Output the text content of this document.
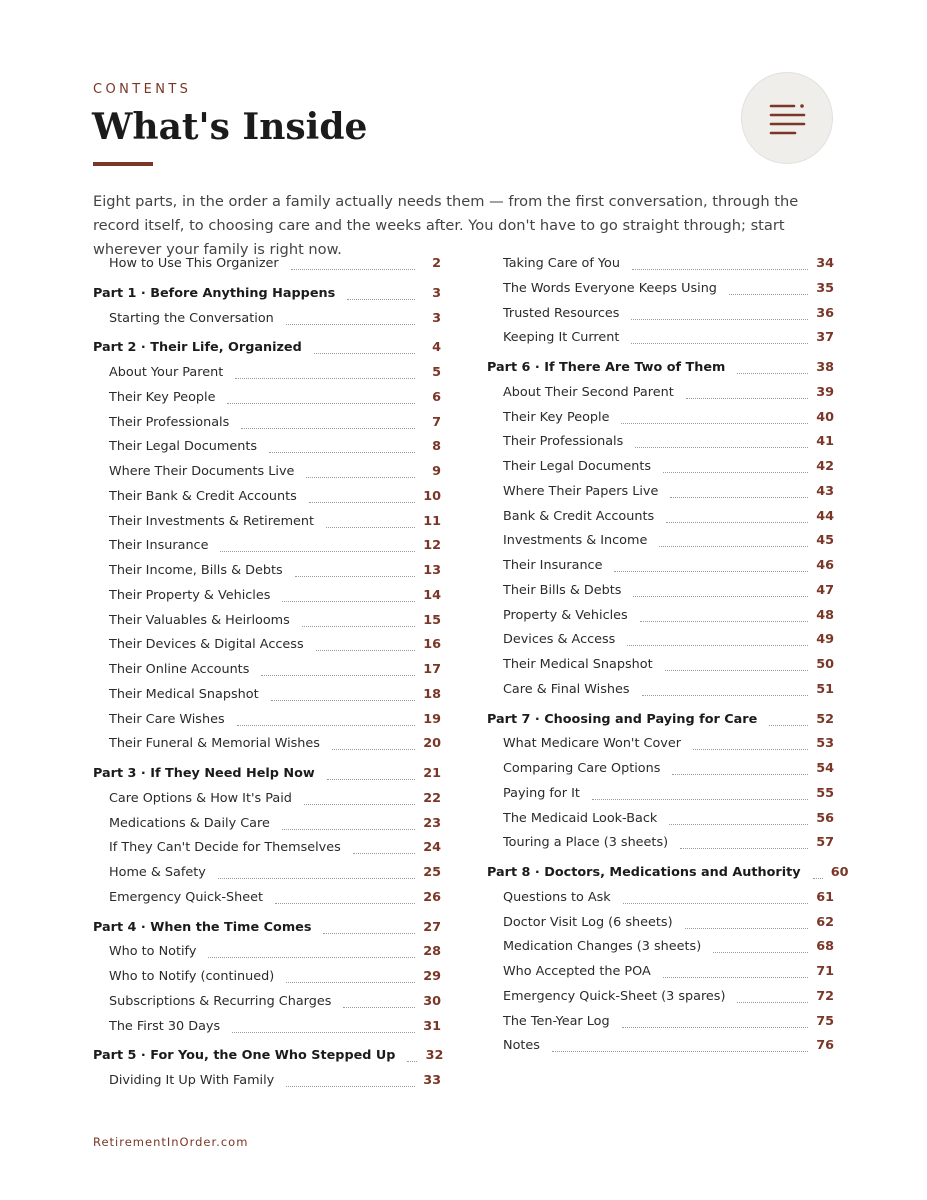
CONTENTS
What's Inside

Eight parts, in the order a family actually needs them — from the first conversation, through the record itself, to choosing care and the weeks after. You don't have to go straight through; start wherever your family is right now.

How to Use This Organizer	2
Part 1 · Before Anything Happens	3
Starting the Conversation	3
Part 2 · Their Life, Organized	4
About Your Parent	5
Their Key People	6
Their Professionals	7
Their Legal Documents	8
Where Their Documents Live	9
Their Bank & Credit Accounts	10
Their Investments & Retirement	11
Their Insurance	12
Their Income, Bills & Debts	13
Their Property & Vehicles	14
Their Valuables & Heirlooms	15
Their Devices & Digital Access	16
Their Online Accounts	17
Their Medical Snapshot	18
Their Care Wishes	19
Their Funeral & Memorial Wishes	20
Part 3 · If They Need Help Now	21
Care Options & How It's Paid	22
Medications & Daily Care	23
If They Can't Decide for Themselves	24
Home & Safety	25
Emergency Quick-Sheet	26
Part 4 · When the Time Comes	27
Who to Notify	28
Who to Notify (continued)	29
Subscriptions & Recurring Charges	30
The First 30 Days	31
Part 5 · For You, the One Who Stepped Up 32
Dividing It Up With Family	33
Taking Care of You	34
The Words Everyone Keeps Using	35
Trusted Resources	36
Keeping It Current	37
Part 6 · If There Are Two of Them	38
About Their Second Parent	39
Their Key People	40
Their Professionals	41
Their Legal Documents	42
Where Their Papers Live	43
Bank & Credit Accounts	44
Investments & Income	45
Their Insurance	46
Their Bills & Debts	47
Property & Vehicles	48
Devices & Access	49
Their Medical Snapshot	50
Care & Final Wishes	51
Part 7 · Choosing and Paying for Care	52
What Medicare Won't Cover	53
Comparing Care Options	54
Paying for It	55
The Medicaid Look-Back	56
Touring a Place (3 sheets)	57
Part 8 · Doctors, Medications and Authority 60
Questions to Ask	61
Doctor Visit Log (6 sheets)	62
Medication Changes (3 sheets)	68
Who Accepted the POA	71
Emergency Quick-Sheet (3 spares)	72
The Ten-Year Log	75
Notes	76
RetirementInOrder.com
